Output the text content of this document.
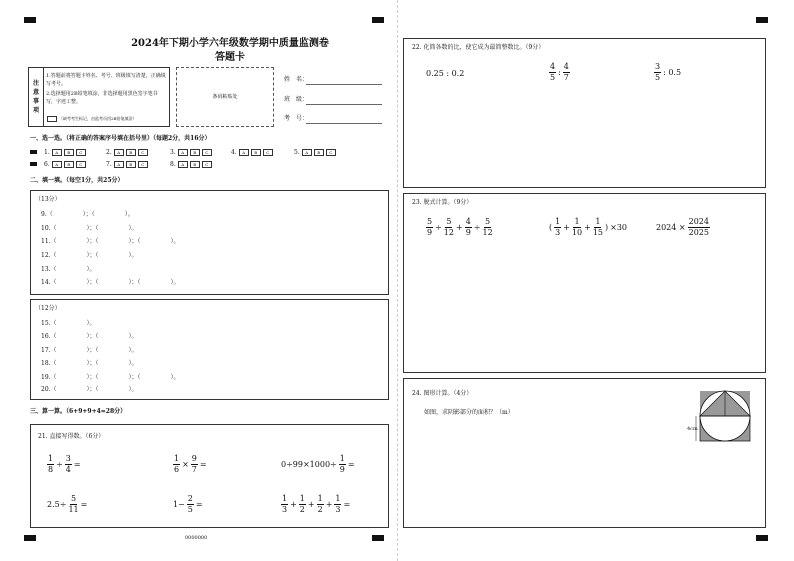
2024年下期小学六年级数学期中质量监测卷
答题卡
注
意
事
项
1.答题前将答题卡姓名、考号、班级填写清楚，正确填写考号。
2.选择题用2B铅笔填涂，非选择题用黑色签字笔书写，字迹工整。
（缺考考生标记，由监考员用2B铅笔填涂）
条码粘贴处
姓　名：
班　级：
考　号：
一、选一选。（将正确的答案序号填在括号里）（每题2分，共16分）
1. A B C	2. A B C	3. A B C	4. A B C	5. A B C
6. A B C	7. A B C	8. A B C
二、填一填。（每空1分，共25分）
（13分）
9.（　　　　　）；（　　　　　）。
10.（　　　　　）；（　　　　　）。
11.（　　　　　）；（　　　　　）；（　　　　　）。
12.（　　　　　）；（　　　　　）。
13.（　　　　　）。
14.（　　　　　）；（　　　　　）；（　　　　　）。
（12分）
15.（　　　　　）。
16.（　　　　　）；（　　　　　）。
17.（　　　　　）；（　　　　　）。
18.（　　　　　）；（　　　　　）。
19.（　　　　　）；（　　　　　）；（　　　　　）。
20.（　　　　　）；（　　　　　）。
三、算一算。（6+9+9+4=28分）
21. 直接写得数。（6分）
$\frac{1}{8} \div \frac{3}{4}$ =	$\frac{1}{6} \times \frac{9}{7}$ =	$0\div 99\times 1000\div \frac{1}{9}$ =
$2.5\div \frac{5}{11}$ =	$1- \frac{2}{5}$ =	$\frac{1}{3} + \frac{1}{2} + \frac{1}{2} + \frac{1}{3}$ =
0000000
22. 化简各数的比，使它成为最简整数比。（9分）
0.25 : 0.2	$\frac{4}{5}$ : $\frac{4}{7}$	$\frac{3}{5}$ : 0.5
23. 脱式计算。（9分）
$\frac{5}{9} \div \frac{5}{12} + \frac{4}{9} \div \frac{5}{12}$	( $\frac{1}{3} + \frac{1}{10} + \frac{1}{15}$ ) ×30	$2024 \times \frac{2024}{2025}$
24. 图形计算。（4分）
如图，求阴影部分的面积？（m）
4cm
